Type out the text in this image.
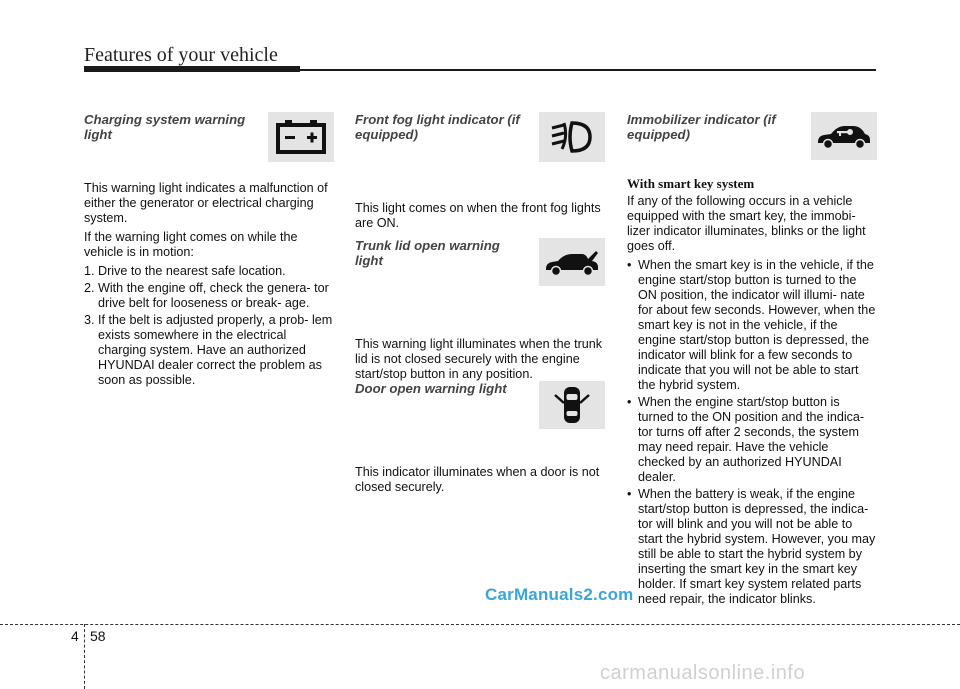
Features of your vehicle
Charging system warning light

This warning light indicates a malfunction of either the generator or electrical charging system.

If the warning light comes on while the vehicle is in motion:

1. Drive to the nearest safe location.
2. With the engine off, check the genera- tor drive belt for looseness or break- age.
3. If the belt is adjusted properly, a prob- lem exists somewhere in the electrical charging system. Have an authorized HYUNDAI dealer correct the problem as soon as possible.
Front fog light indicator (if equipped)

This light comes on when the front fog lights are ON.

Trunk lid open warning light

This warning light illuminates when the trunk lid is not closed securely with the engine start/stop button in any position.

Door open warning light

This indicator illuminates when a door is not closed securely.

Immobilizer indicator (if equipped)
With smart key system

If any of the following occurs in a vehicle equipped with the smart key, the immobi- lizer indicator illuminates, blinks or the light goes off.

• When the smart key is in the vehicle, if the engine start/stop button is turned to the ON position, the indicator will illumi- nate for about few seconds. However, when the smart key is not in the vehicle, if the engine start/stop button is depressed, the indicator will blink for a few seconds to indicate that you will not be able to start the hybrid system.
• When the engine start/stop button is turned to the ON position and the indica- tor turns off after 2 seconds, the system may need repair. Have the vehicle checked by an authorized HYUNDAI dealer.
• When the battery is weak, if the engine start/stop button is depressed, the indica- tor will blink and you will not be able to start the hybrid system. However, you may still be able to start the hybrid system by inserting the smart key in the smart key holder. If smart key system related parts need repair, the indicator blinks.
CarManuals2.com
4 58
carmanualsonline.info
